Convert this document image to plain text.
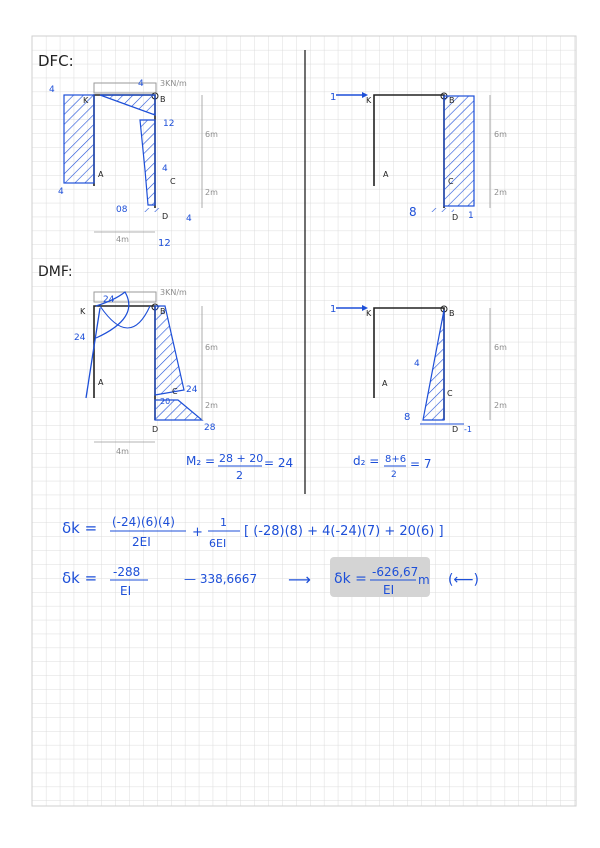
DFC:
3KN/m
K	B
A
C
D
4
4
4
12
4
08
4
12
4m
6m
2m
1	K	B
A
C
D
8	1
6m
2m
DMF:
3KN/m
K	B
A
C
D
24
24
24
20
28
4m
6m
2m
M₂ = 28 + 20
2
= 24
1	K	B
A
C
D
4
8
-1
6m
2m
d₂ = 8+6
2
= 7
δk = (-24)(6)(4)
2EI
+
1
6EI
[ (-28)(8) + 4(-24)(7) + 20(6) ]
δk = -288
EI
— 338,6667 ⟶ δk = -626,67
EI
m (⟵)
